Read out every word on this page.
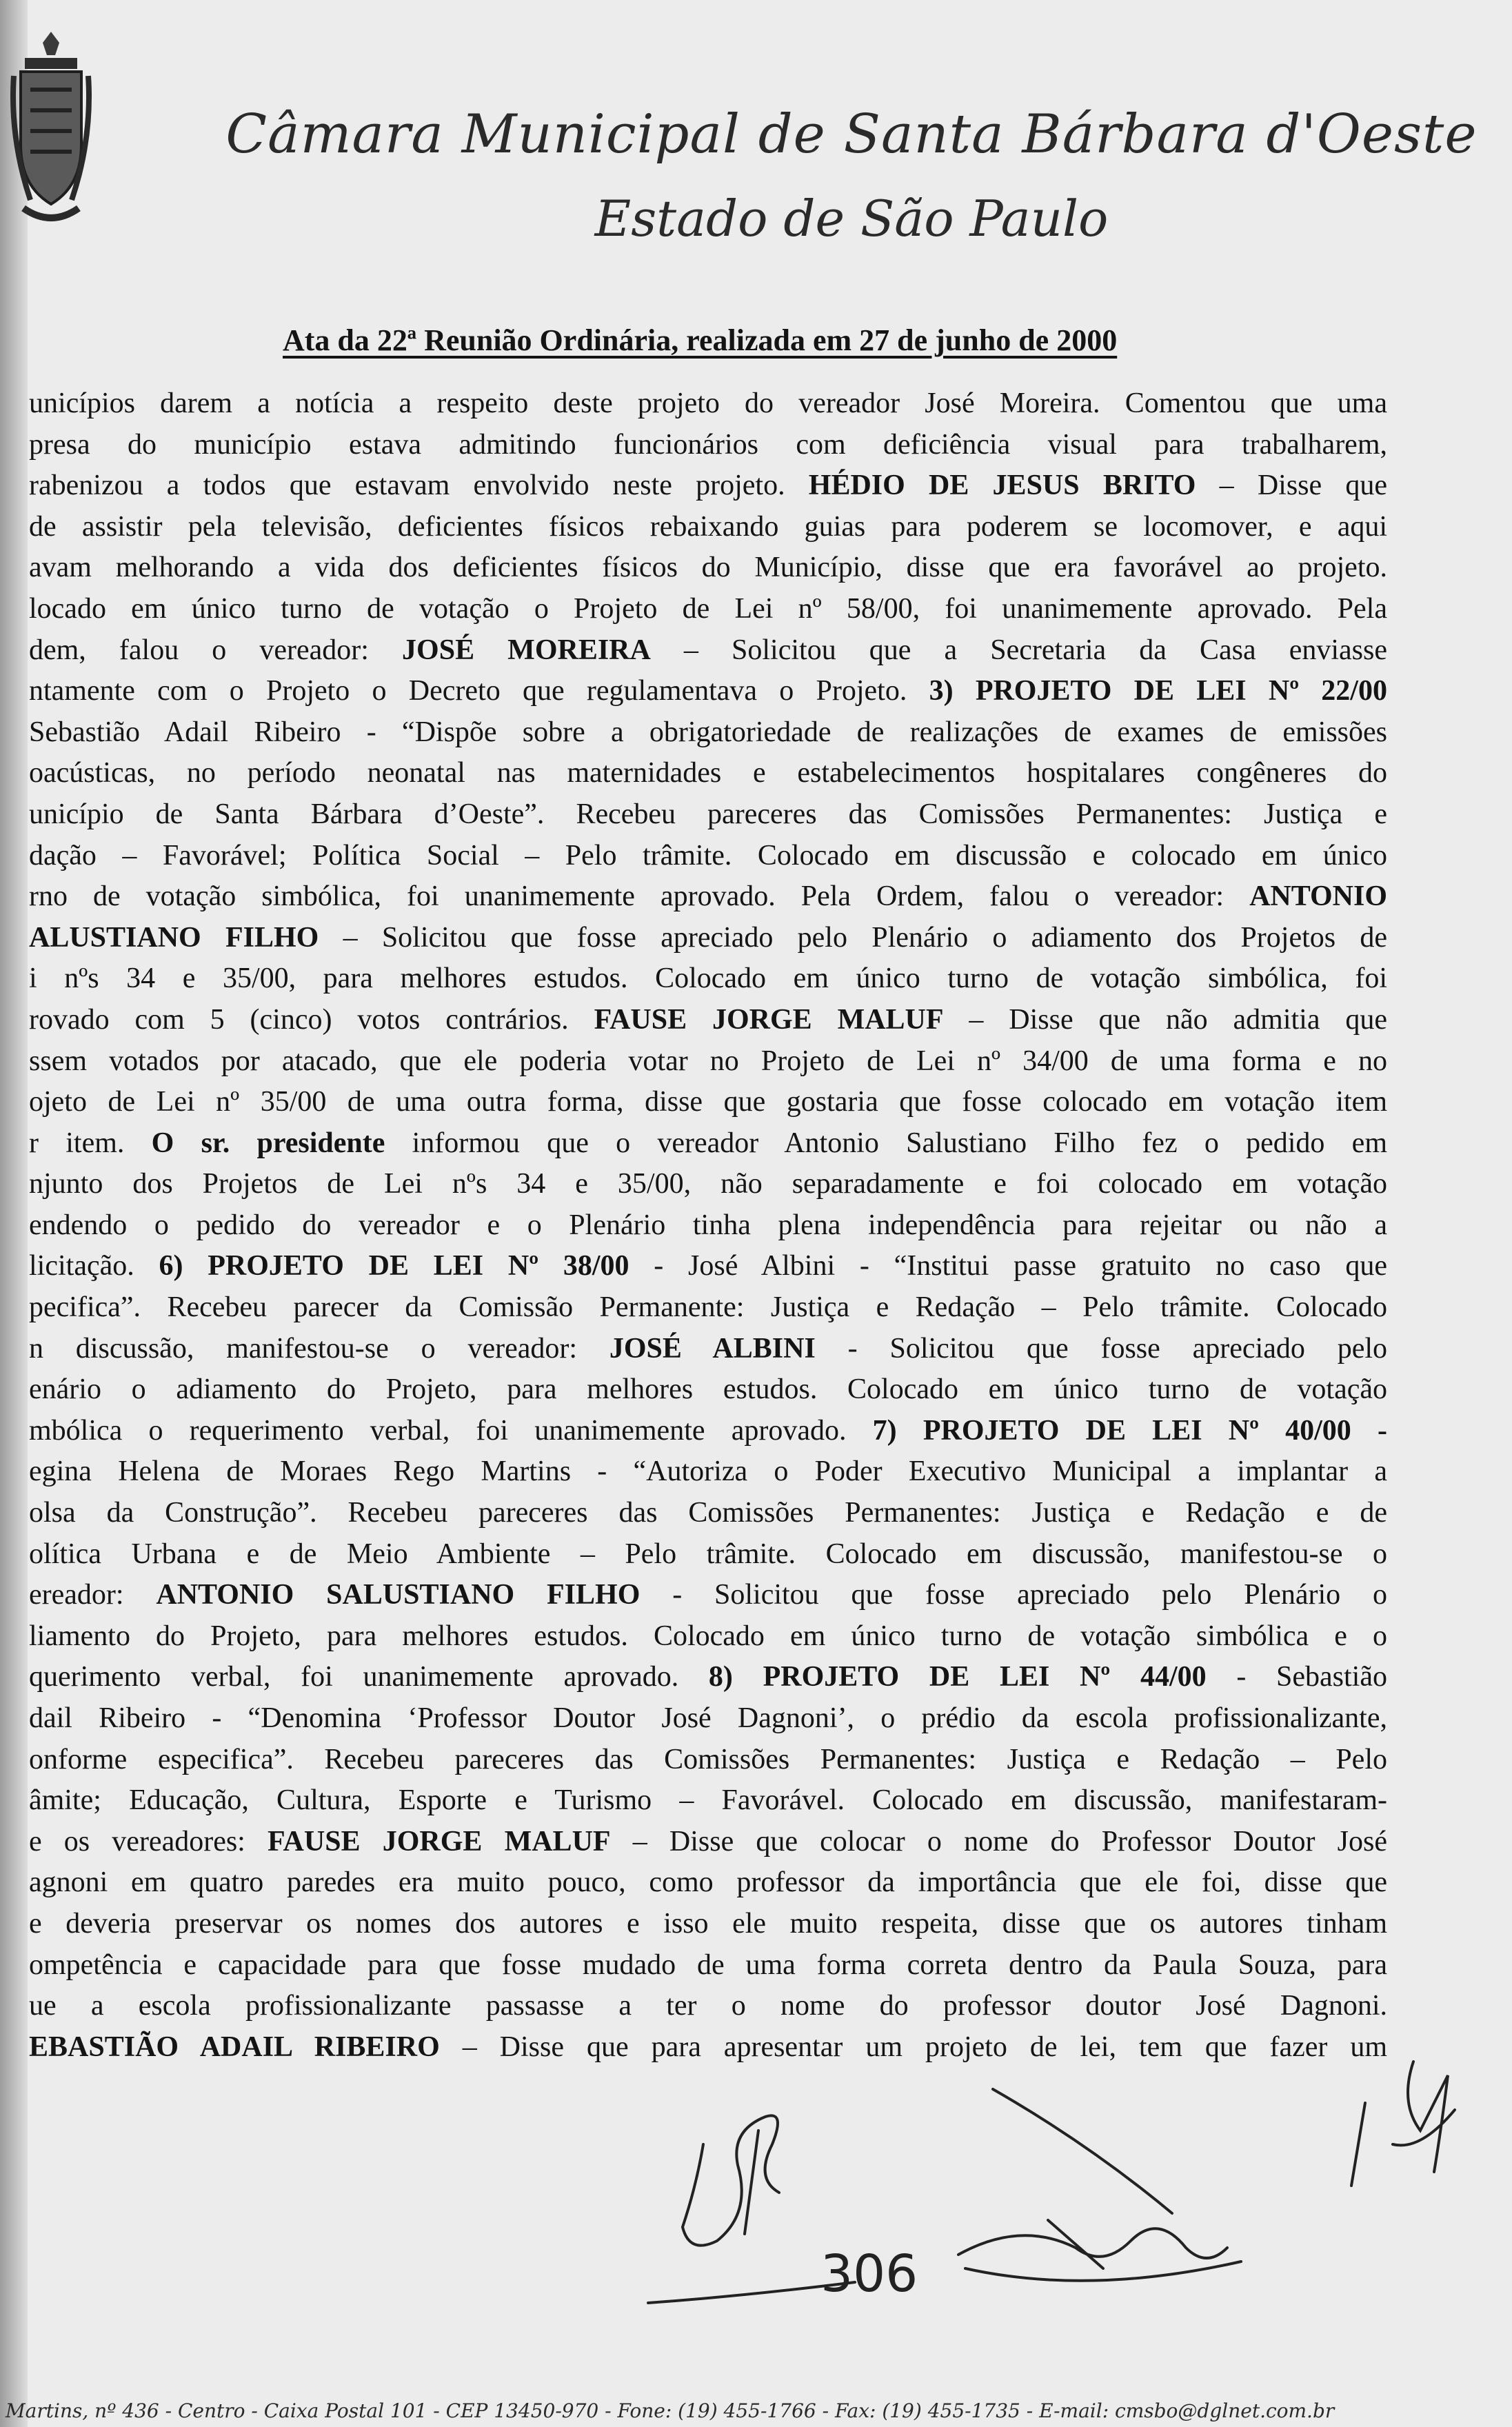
Câmara Municipal de Santa Bárbara d'Oeste
Estado de São Paulo
Ata da 22ª Reunião Ordinária, realizada em 27 de junho de 2000
unicípios darem a notícia a respeito deste projeto do vereador José Moreira. Comentou que uma
presa do município estava admitindo funcionários com deficiência visual para trabalharem,
rabenizou a todos que estavam envolvido neste projeto. HÉDIO DE JESUS BRITO – Disse que
de assistir pela televisão, deficientes físicos rebaixando guias para poderem se locomover, e aqui
avam melhorando a vida dos deficientes físicos do Município, disse que era favorável ao projeto.
locado em único turno de votação o Projeto de Lei nº 58/00, foi unanimemente aprovado. Pela
dem, falou o vereador: JOSÉ MOREIRA – Solicitou que a Secretaria da Casa enviasse
ntamente com o Projeto o Decreto que regulamentava o Projeto. 3) PROJETO DE LEI Nº 22/00
Sebastião Adail Ribeiro - “Dispõe sobre a obrigatoriedade de realizações de exames de emissões
oacústicas, no período neonatal nas maternidades e estabelecimentos hospitalares congêneres do
unicípio de Santa Bárbara d’Oeste”. Recebeu pareceres das Comissões Permanentes: Justiça e
dação – Favorável; Política Social – Pelo trâmite. Colocado em discussão e colocado em único
rno de votação simbólica, foi unanimemente aprovado. Pela Ordem, falou o vereador: ANTONIO
ALUSTIANO FILHO – Solicitou que fosse apreciado pelo Plenário o adiamento dos Projetos de
i nºs 34 e 35/00, para melhores estudos. Colocado em único turno de votação simbólica, foi
rovado com 5 (cinco) votos contrários. FAUSE JORGE MALUF – Disse que não admitia que
ssem votados por atacado, que ele poderia votar no Projeto de Lei nº 34/00 de uma forma e no
ojeto de Lei nº 35/00 de uma outra forma, disse que gostaria que fosse colocado em votação item
r item. O sr. presidente informou que o vereador Antonio Salustiano Filho fez o pedido em
njunto dos Projetos de Lei nºs 34 e 35/00, não separadamente e foi colocado em votação
endendo o pedido do vereador e o Plenário tinha plena independência para rejeitar ou não a
licitação. 6) PROJETO DE LEI Nº 38/00 - José Albini - “Institui passe gratuito no caso que
pecifica”. Recebeu parecer da Comissão Permanente: Justiça e Redação – Pelo trâmite. Colocado
n discussão, manifestou-se o vereador: JOSÉ ALBINI - Solicitou que fosse apreciado pelo
enário o adiamento do Projeto, para melhores estudos. Colocado em único turno de votação
mbólica o requerimento verbal, foi unanimemente aprovado. 7) PROJETO DE LEI Nº 40/00 -
egina Helena de Moraes Rego Martins - “Autoriza o Poder Executivo Municipal a implantar a
olsa da Construção”. Recebeu pareceres das Comissões Permanentes: Justiça e Redação e de
olítica Urbana e de Meio Ambiente – Pelo trâmite. Colocado em discussão, manifestou-se o
ereador: ANTONIO SALUSTIANO FILHO - Solicitou que fosse apreciado pelo Plenário o
liamento do Projeto, para melhores estudos. Colocado em único turno de votação simbólica e o
querimento verbal, foi unanimemente aprovado. 8) PROJETO DE LEI Nº 44/00 - Sebastião
dail Ribeiro - “Denomina ‘Professor Doutor José Dagnoni’, o prédio da escola profissionalizante,
onforme especifica”. Recebeu pareceres das Comissões Permanentes: Justiça e Redação – Pelo
âmite; Educação, Cultura, Esporte e Turismo – Favorável. Colocado em discussão, manifestaram-
e os vereadores: FAUSE JORGE MALUF – Disse que colocar o nome do Professor Doutor José
agnoni em quatro paredes era muito pouco, como professor da importância que ele foi, disse que
e deveria preservar os nomes dos autores e isso ele muito respeita, disse que os autores tinham
ompetência e capacidade para que fosse mudado de uma forma correta dentro da Paula Souza, para
ue a escola profissionalizante passasse a ter o nome do professor doutor José Dagnoni.
EBASTIÃO ADAIL RIBEIRO – Disse que para apresentar um projeto de lei, tem que fazer um
306
Martins, nº 436 - Centro - Caixa Postal 101 - CEP 13450-970 - Fone: (19) 455-1766 - Fax: (19) 455-1735 - E-mail: cmsbo@dglnet.com.br
